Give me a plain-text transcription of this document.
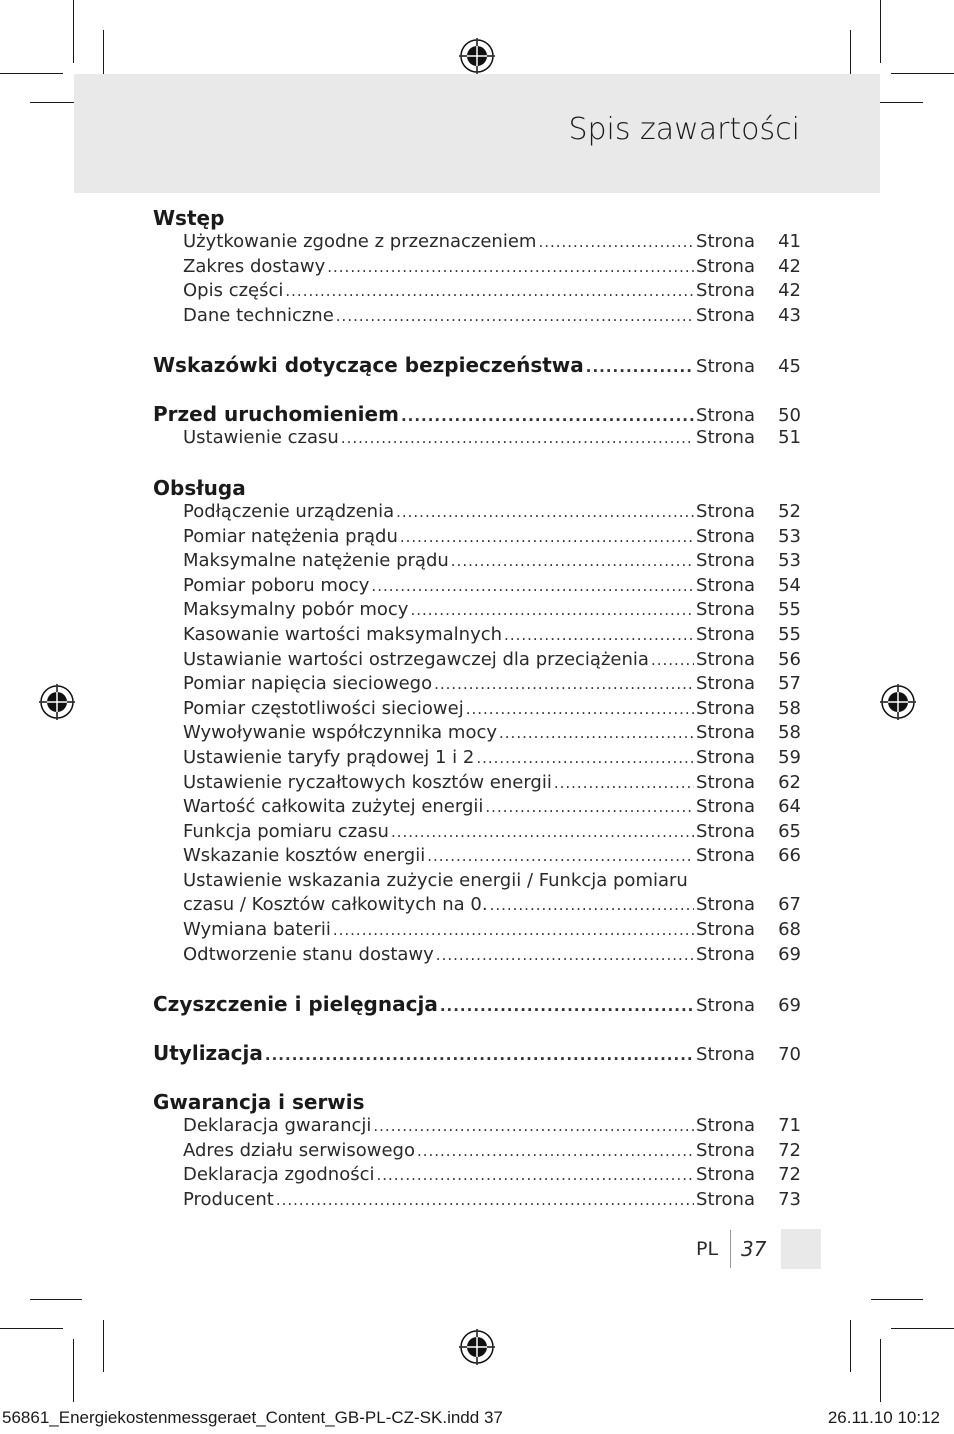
Spis zawartości
Wstęp
Użytkowanie zgodne z przeznaczeniem .....	Strona	41
Zakres dostawy .....	Strona	42
Opis części .....	Strona	42
Dane techniczne .....	Strona	43
Wskazówki dotyczące bezpieczeństwa .....	Strona	45
Przed uruchomieniem .....	Strona	50
Ustawienie czasu .....	Strona	51
Obsługa
Podłączenie urządzenia .....	Strona	52
Pomiar natężenia prądu .....	Strona	53
Maksymalne natężenie prądu .....	Strona	53
Pomiar poboru mocy .....	Strona	54
Maksymalny pobór mocy .....	Strona	55
Kasowanie wartości maksymalnych .....	Strona	55
Ustawianie wartości ostrzegawczej dla przeciążenia .....	Strona	56
Pomiar napięcia sieciowego .....	Strona	57
Pomiar częstotliwości sieciowej .....	Strona	58
Wywoływanie współczynnika mocy .....	Strona	58
Ustawienie taryfy prądowej 1 i 2 .....	Strona	59
Ustawienie ryczałtowych kosztów energii .....	Strona	62
Wartość całkowita zużytej energii .....	Strona	64
Funkcja pomiaru czasu .....	Strona	65
Wskazanie kosztów energii .....	Strona	66
Ustawienie wskazania zużycie energii / Funkcja pomiaru
czasu / Kosztów całkowitych na 0. .....	Strona	67
Wymiana baterii .....	Strona	68
Odtworzenie stanu dostawy .....	Strona	69
Czyszczenie i pielęgnacja .....	Strona	69
Utylizacja .....	Strona	70
Gwarancja i serwis
Deklaracja gwarancji .....	Strona	71
Adres działu serwisowego .....	Strona	72
Deklaracja zgodności .....	Strona	72
Producent .....	Strona	73
PL 37
56861_Energiekostenmessgeraet_Content_GB-PL-CZ-SK.indd 37	26.11.10 10:12
